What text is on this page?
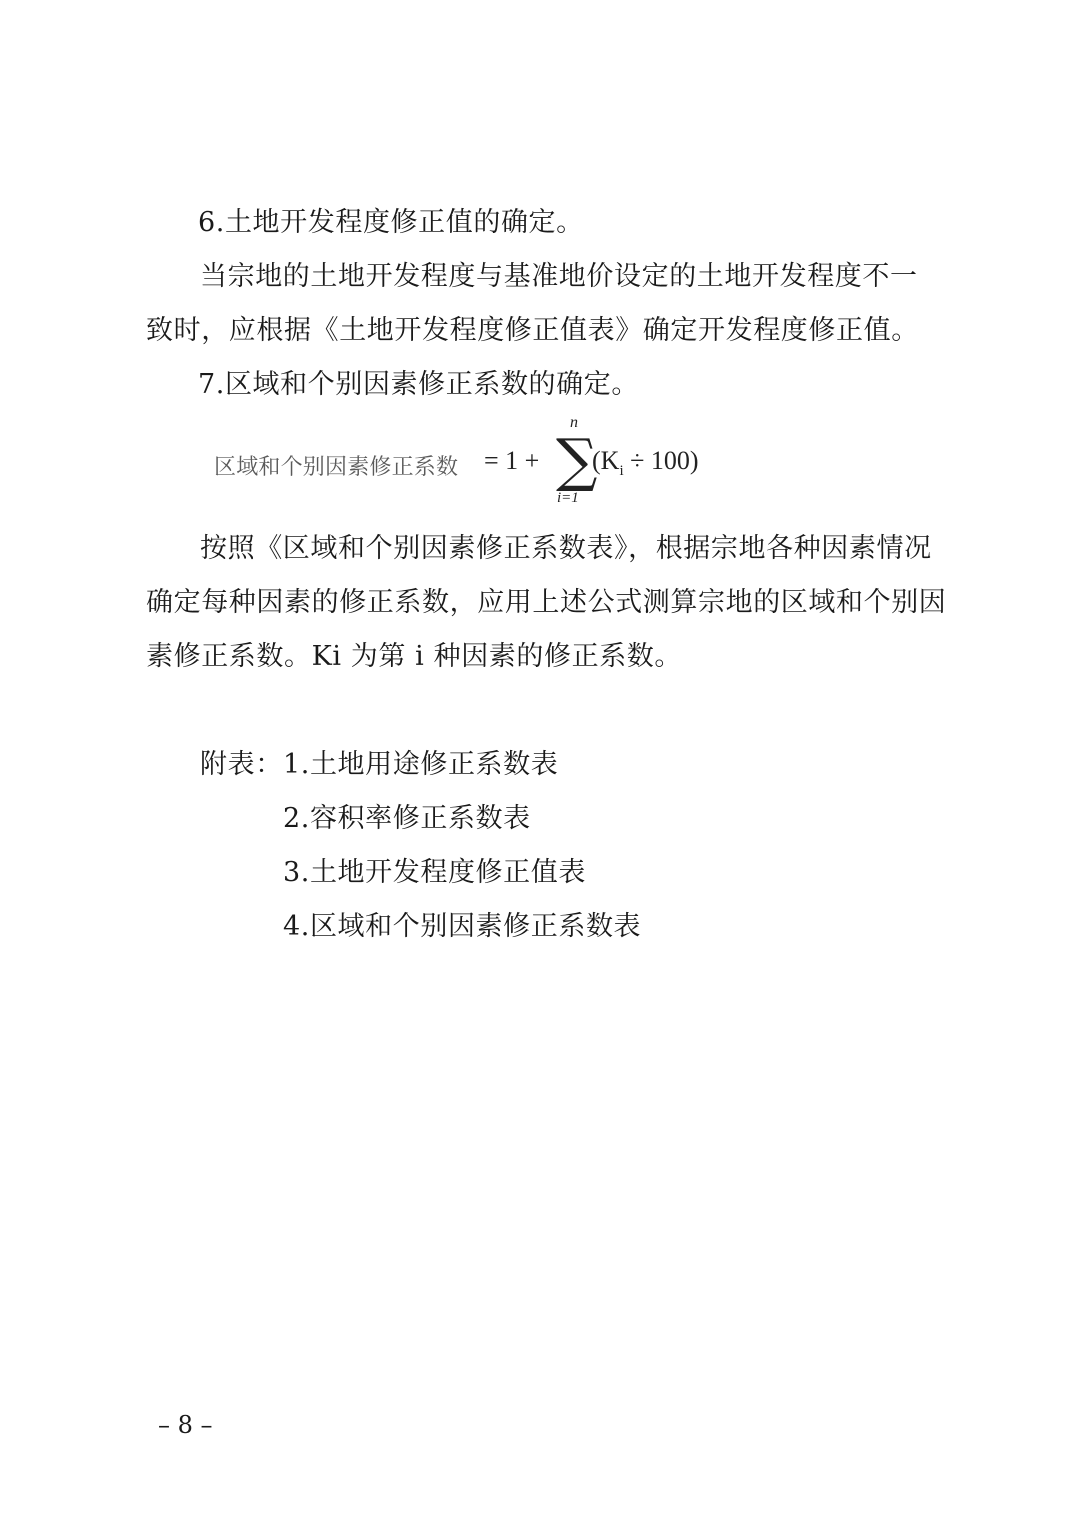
6.土地开发程度修正值的确定。
当宗地的土地开发程度与基准地价设定的土地开发程度不一
致时，应根据《土地开发程度修正值表》确定开发程度修正值。
7.区域和个别因素修正系数的确定。
区域和个别因素修正系数 = 1 +
n
∑
i=1
$(K_i \div 100)$
按照《区域和个别因素修正系数表》，根据宗地各种因素情况
确定每种因素的修正系数，应用上述公式测算宗地的区域和个别因
素修正系数。Ki 为第 i 种因素的修正系数。
附表： 1.土地用途修正系数表
2.容积率修正系数表
3.土地开发程度修正值表
4.区域和个别因素修正系数表
– 8 –
